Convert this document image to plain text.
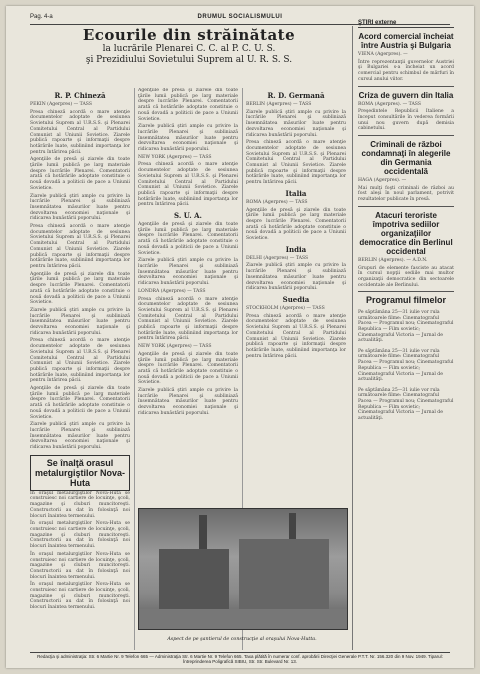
Pag. 4-a	DRUMUL SOCIALISMULUI
Ecourile din străinătate
la lucrările Plenarei C. C. al P. C. U. S.
şi Prezidiului Sovietului Suprem al U. R. S. S.
R. P. Chineză

PEKIN (Agerpres) — TASS

Presa chineză acordă o mare atenţie documentelor adoptate de sesiunea Sovietului Suprem al U.R.S.S. şi Plenarei Comitetului Central al Partidului Comunist al Uniunii Sovietice. Ziarele publică rapoarte şi informaţii despre hotărârile luate, subliniind importanţa lor pentru întărirea păcii.

Agenţiile de presă şi ziarele din toate ţările lumii publică pe larg materiale despre lucrările Plenarei. Comentatorii arată că hotărârile adoptate constituie o nouă dovadă a politicii de pace a Uniunii Sovietice.

Ziarele publică ştiri ample cu privire la lucrările Plenarei şi subliniază însemnătatea măsurilor luate pentru dezvoltarea economiei naţionale şi ridicarea bunăstării poporului.

Presa chineză acordă o mare atenţie documentelor adoptate de sesiunea Sovietului Suprem al U.R.S.S. şi Plenarei Comitetului Central al Partidului Comunist al Uniunii Sovietice. Ziarele publică rapoarte şi informaţii despre hotărârile luate, subliniind importanţa lor pentru întărirea păcii.

Agenţiile de presă şi ziarele din toate ţările lumii publică pe larg materiale despre lucrările Plenarei. Comentatorii arată că hotărârile adoptate constituie o nouă dovadă a politicii de pace a Uniunii Sovietice.

Ziarele publică ştiri ample cu privire la lucrările Plenarei şi subliniază însemnătatea măsurilor luate pentru dezvoltarea economiei naţionale şi ridicarea bunăstării poporului.

Presa chineză acordă o mare atenţie documentelor adoptate de sesiunea Sovietului Suprem al U.R.S.S. şi Plenarei Comitetului Central al Partidului Comunist al Uniunii Sovietice. Ziarele publică rapoarte şi informaţii despre hotărârile luate, subliniind importanţa lor pentru întărirea păcii.

Agenţiile de presă şi ziarele din toate ţările lumii publică pe larg materiale despre lucrările Plenarei. Comentatorii arată că hotărârile adoptate constituie o nouă dovadă a politicii de pace a Uniunii Sovietice.

Ziarele publică ştiri ample cu privire la lucrările Plenarei şi subliniază însemnătatea măsurilor luate pentru dezvoltarea economiei naţionale şi ridicarea bunăstării poporului.

Se înalţă orasul metalurgiştilor Nova-Huta

În oraşul metalurgiştilor Nova-Huta se construiesc noi cartiere de locuinţe, şcoli, magazine şi cluburi muncitoreşti. Constructorii au dat în folosinţă noi blocuri înaintea termenului.

În oraşul metalurgiştilor Nova-Huta se construiesc noi cartiere de locuinţe, şcoli, magazine şi cluburi muncitoreşti. Constructorii au dat în folosinţă noi blocuri înaintea termenului.

În oraşul metalurgiştilor Nova-Huta se construiesc noi cartiere de locuinţe, şcoli, magazine şi cluburi muncitoreşti. Constructorii au dat în folosinţă noi blocuri înaintea termenului.

În oraşul metalurgiştilor Nova-Huta se construiesc noi cartiere de locuinţe, şcoli, magazine şi cluburi muncitoreşti. Constructorii au dat în folosinţă noi blocuri înaintea termenului.

Agenţiile de presă şi ziarele din toate ţările lumii publică pe larg materiale despre lucrările Plenarei. Comentatorii arată că hotărârile adoptate constituie o nouă dovadă a politicii de pace a Uniunii Sovietice.

Ziarele publică ştiri ample cu privire la lucrările Plenarei şi subliniază însemnătatea măsurilor luate pentru dezvoltarea economiei naţionale şi ridicarea bunăstării poporului.

NEW YORK (Agerpres) — TASS

Presa chineză acordă o mare atenţie documentelor adoptate de sesiunea Sovietului Suprem al U.R.S.S. şi Plenarei Comitetului Central al Partidului Comunist al Uniunii Sovietice. Ziarele publică rapoarte şi informaţii despre hotărârile luate, subliniind importanţa lor pentru întărirea păcii.

S. U. A.

Agenţiile de presă şi ziarele din toate ţările lumii publică pe larg materiale despre lucrările Plenarei. Comentatorii arată că hotărârile adoptate constituie o nouă dovadă a politicii de pace a Uniunii Sovietice.

Ziarele publică ştiri ample cu privire la lucrările Plenarei şi subliniază însemnătatea măsurilor luate pentru dezvoltarea economiei naţionale şi ridicarea bunăstării poporului.

LONDRA (Agerpres) — TASS

Presa chineză acordă o mare atenţie documentelor adoptate de sesiunea Sovietului Suprem al U.R.S.S. şi Plenarei Comitetului Central al Partidului Comunist al Uniunii Sovietice. Ziarele publică rapoarte şi informaţii despre hotărârile luate, subliniind importanţa lor pentru întărirea păcii.

NEW YORK (Agerpres) — TASS

Agenţiile de presă şi ziarele din toate ţările lumii publică pe larg materiale despre lucrările Plenarei. Comentatorii arată că hotărârile adoptate constituie o nouă dovadă a politicii de pace a Uniunii Sovietice.

Ziarele publică ştiri ample cu privire la lucrările Plenarei şi subliniază însemnătatea măsurilor luate pentru dezvoltarea economiei naţionale şi ridicarea bunăstării poporului.

R. D. Germană

BERLIN (Agerpres) — TASS

Ziarele publică ştiri ample cu privire la lucrările Plenarei şi subliniază însemnătatea măsurilor luate pentru dezvoltarea economiei naţionale şi ridicarea bunăstării poporului.

Presa chineză acordă o mare atenţie documentelor adoptate de sesiunea Sovietului Suprem al U.R.S.S. şi Plenarei Comitetului Central al Partidului Comunist al Uniunii Sovietice. Ziarele publică rapoarte şi informaţii despre hotărârile luate, subliniind importanţa lor pentru întărirea păcii.

Italia

ROMA (Agerpres) — TASS

Agenţiile de presă şi ziarele din toate ţările lumii publică pe larg materiale despre lucrările Plenarei. Comentatorii arată că hotărârile adoptate constituie o nouă dovadă a politicii de pace a Uniunii Sovietice.

India

DELHI (Agerpres) — TASS

Ziarele publică ştiri ample cu privire la lucrările Plenarei şi subliniază însemnătatea măsurilor luate pentru dezvoltarea economiei naţionale şi ridicarea bunăstării poporului.

Suedia

STOCKHOLM (Agerpres) — TASS

Presa chineză acordă o mare atenţie documentelor adoptate de sesiunea Sovietului Suprem al U.R.S.S. şi Plenarei Comitetului Central al Partidului Comunist al Uniunii Sovietice. Ziarele publică rapoarte şi informaţii despre hotărârile luate, subliniind importanţa lor pentru întărirea păcii.

Aspect de pe şantierul de construcţie al oraşului Nova-Hutta.
ŞTIRI externe
Acord comercial încheiat între Austria şi Bulgaria

VIENA (Agerpres). —

Între reprezentanţii guvernelor Austriei şi Bulgariei s-a încheiat un acord comercial pentru schimbul de mărfuri în cursul anului viitor.

Criza de guvern din Italia

ROMA (Agerpres). — TASS

Preşedintele Republicii Italiene a început consultările în vederea formării unui nou guvern după demisia cabinetului.

Criminali de război condamnaţi în alegerile din Germania occidentală

HAGA (Agerpres). —

Mai mulţi foşti criminali de război au fost aleşi în noul parlament, potrivit rezultatelor publicate în presă.

Atacuri teroriste împotriva sediilor organizaţiilor democratice din Berlinul occidental

BERLIN (Agerpres). — A.D.N.

Grupuri de elemente fasciste au atacat în cursul nopţii sediile mai multor organizaţii democratice din sectoarele occidentale ale Berlinului.

Programul filmelor

Pe săptămâna 25—31 iulie vor rula următoarele filme: Cinematograful Pacea — Programul nou; Cinematograful Republica — Film sovietic; Cinematograful Victoria — Jurnal de actualităţi.

Pe săptămâna 25—31 iulie vor rula următoarele filme: Cinematograful Pacea — Programul nou; Cinematograful Republica — Film sovietic; Cinematograful Victoria — Jurnal de actualităţi.

Pe săptămâna 25—31 iulie vor rula următoarele filme: Cinematograful Pacea — Programul nou; Cinematograful Republica — Film sovietic; Cinematograful Victoria — Jurnal de actualităţi.

Redacţia şi administraţia: Str. 6 Martie Nr. 9 Telefon 665 — Administraţia Str. 6 Martie Nr. 9 Telefon 665. Taxa plătită în numerar conf. aprobării Direcţiei Generale P.T.T. Nr. 156.320 din 9 Nov. 1949. Tiparul: Întreprinderea Poligrafică SIBIU, Str. Str. Bulevard Nr. 13.
